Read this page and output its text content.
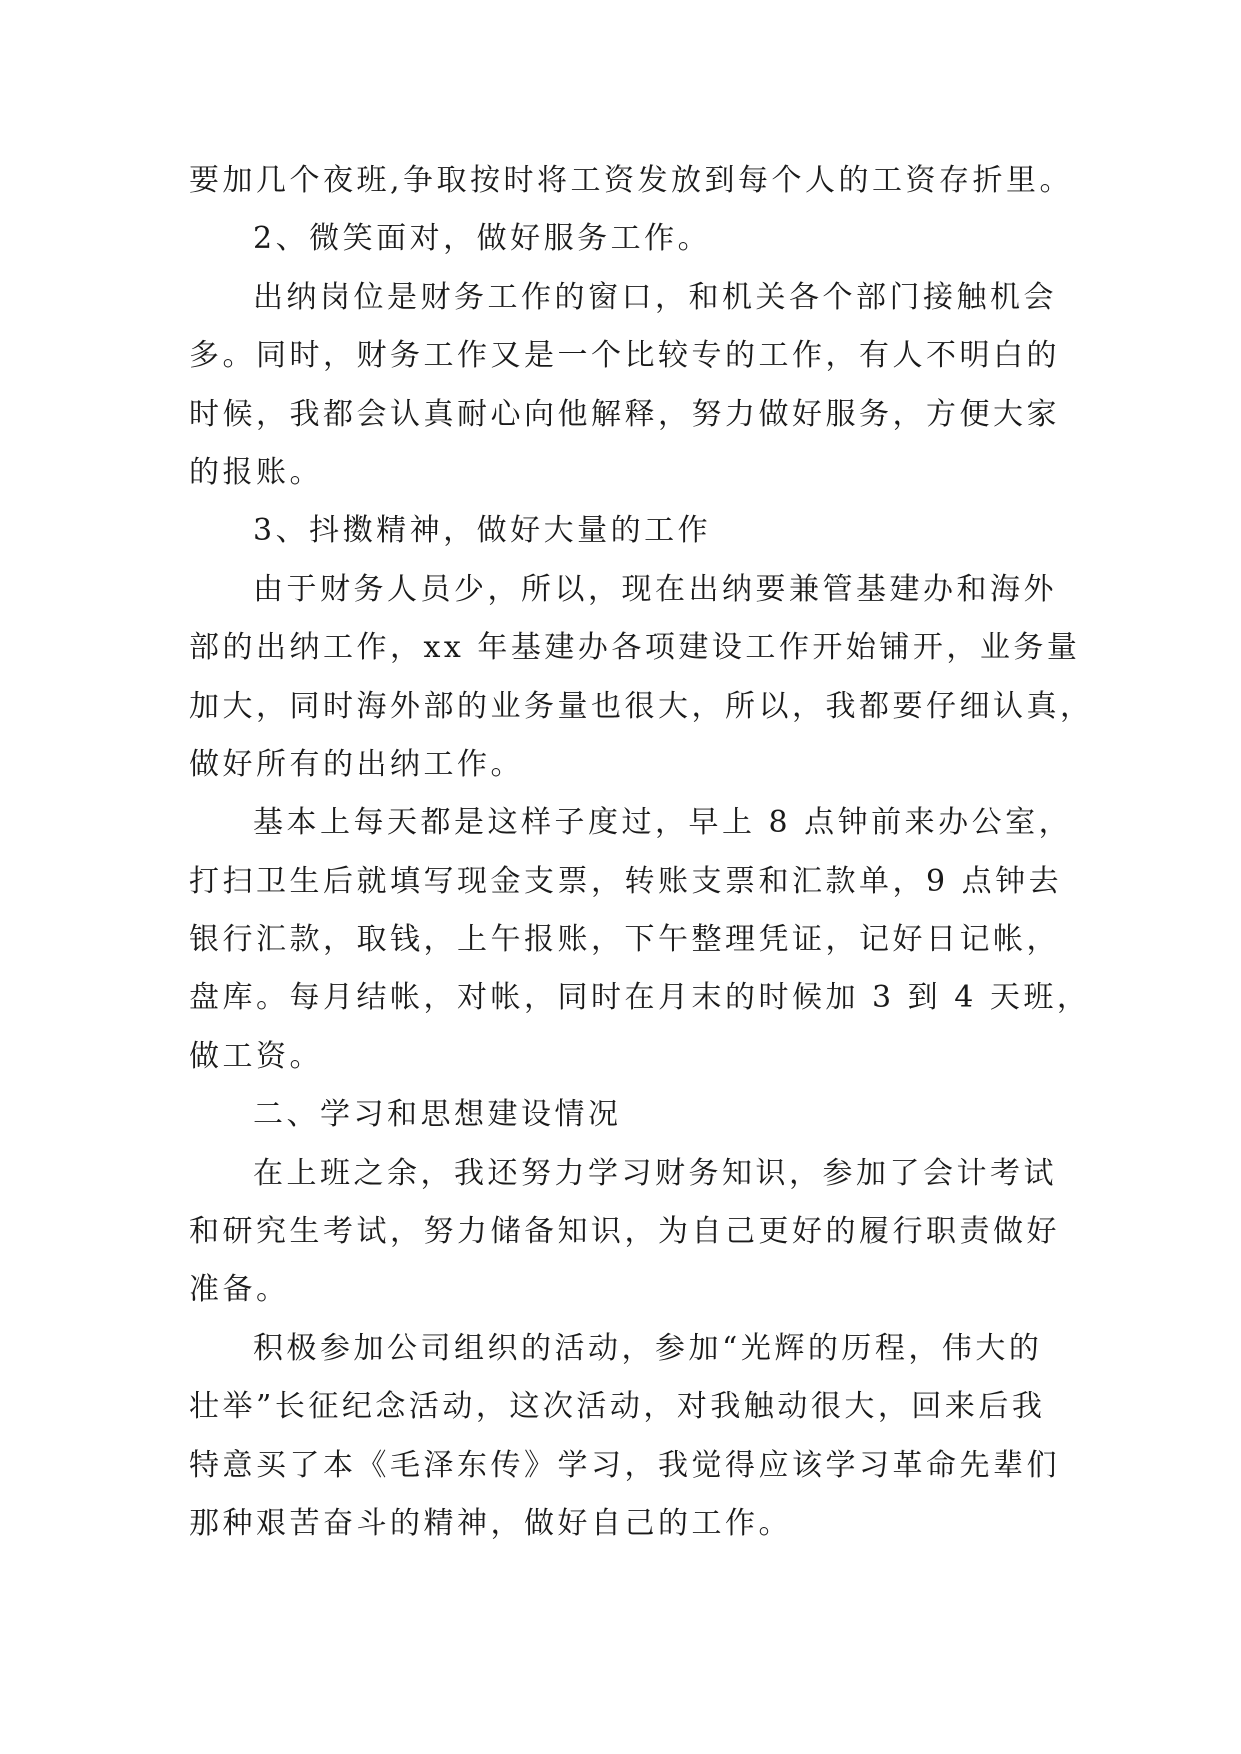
要加几个夜班,争取按时将工资发放到每个人的工资存折里。
2、微笑面对，做好服务工作。
出纳岗位是财务工作的窗口，和机关各个部门接触机会
多。同时，财务工作又是一个比较专的工作，有人不明白的
时候，我都会认真耐心向他解释，努力做好服务，方便大家
的报账。
3、抖擞精神，做好大量的工作
由于财务人员少，所以，现在出纳要兼管基建办和海外
部的出纳工作，xx 年基建办各项建设工作开始铺开，业务量
加大，同时海外部的业务量也很大，所以，我都要仔细认真，
做好所有的出纳工作。
基本上每天都是这样子度过，早上 8 点钟前来办公室，
打扫卫生后就填写现金支票，转账支票和汇款单，9 点钟去
银行汇款，取钱，上午报账，下午整理凭证，记好日记帐，
盘库。每月结帐，对帐，同时在月末的时候加 3 到 4 天班，
做工资。
二、学习和思想建设情况
在上班之余，我还努力学习财务知识，参加了会计考试
和研究生考试，努力储备知识，为自己更好的履行职责做好
准备。
积极参加公司组织的活动，参加“光辉的历程，伟大的
壮举”长征纪念活动，这次活动，对我触动很大，回来后我
特意买了本《毛泽东传》学习，我觉得应该学习革命先辈们
那种艰苦奋斗的精神，做好自己的工作。
